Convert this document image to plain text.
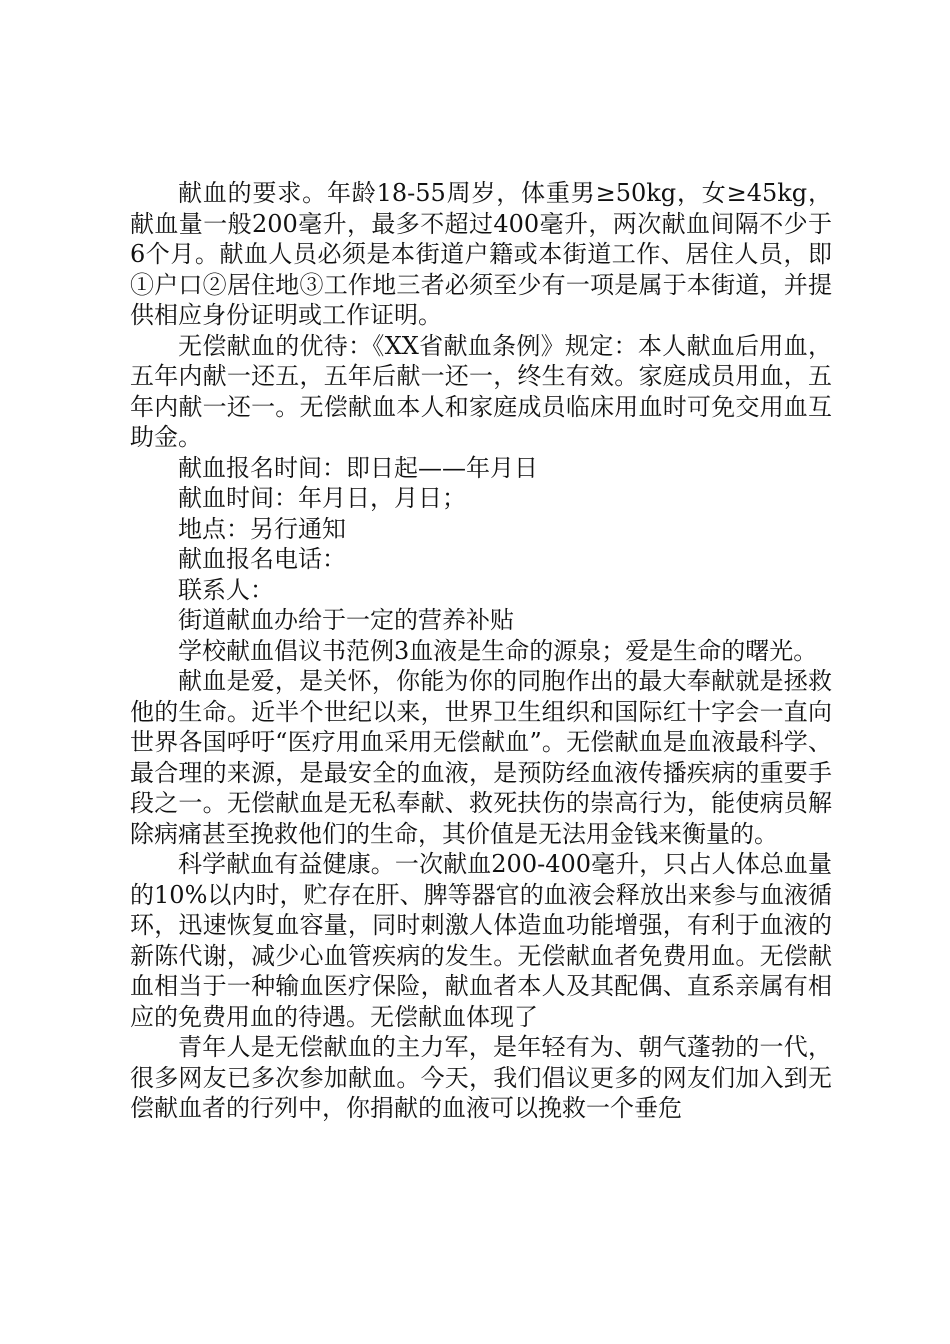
献血的要求。年龄18-55周岁，体重男≥50kg，女≥45kg，献血量一般200毫升，最多不超过400毫升，两次献血间隔不少于6个月。献血人员必须是本街道户籍或本街道工作、居住人员，即①户口②居住地③工作地三者必须至少有一项是属于本街道，并提供相应身份证明或工作证明。

无偿献血的优待：《XX省献血条例》规定：本人献血后用血，五年内献一还五，五年后献一还一，终生有效。家庭成员用血，五年内献一还一。无偿献血本人和家庭成员临床用血时可免交用血互助金。

献血报名时间：即日起——年月日

献血时间：年月日，月日；

地点：另行通知

献血报名电话：

联系人：

街道献血办给于一定的营养补贴

学校献血倡议书范例3血液是生命的源泉；爱是生命的曙光。

献血是爱，是关怀，你能为你的同胞作出的最大奉献就是拯救他的生命。近半个世纪以来，世界卫生组织和国际红十字会一直向世界各国呼吁“医疗用血采用无偿献血”。无偿献血是血液最科学、最合理的来源，是最安全的血液，是预防经血液传播疾病的重要手段之一。无偿献血是无私奉献、救死扶伤的崇高行为，能使病员解除病痛甚至挽救他们的生命，其价值是无法用金钱来衡量的。

科学献血有益健康。一次献血200-400毫升，只占人体总血量的10%以内时，贮存在肝、脾等器官的血液会释放出来参与血液循环，迅速恢复血容量，同时刺激人体造血功能增强，有利于血液的新陈代谢，减少心血管疾病的发生。无偿献血者免费用血。无偿献血相当于一种输血医疗保险，献血者本人及其配偶、直系亲属有相应的免费用血的待遇。无偿献血体现了

青年人是无偿献血的主力军，是年轻有为、朝气蓬勃的一代，很多网友已多次参加献血。今天，我们倡议更多的网友们加入到无偿献血者的行列中，你捐献的血液可以挽救一个垂危
